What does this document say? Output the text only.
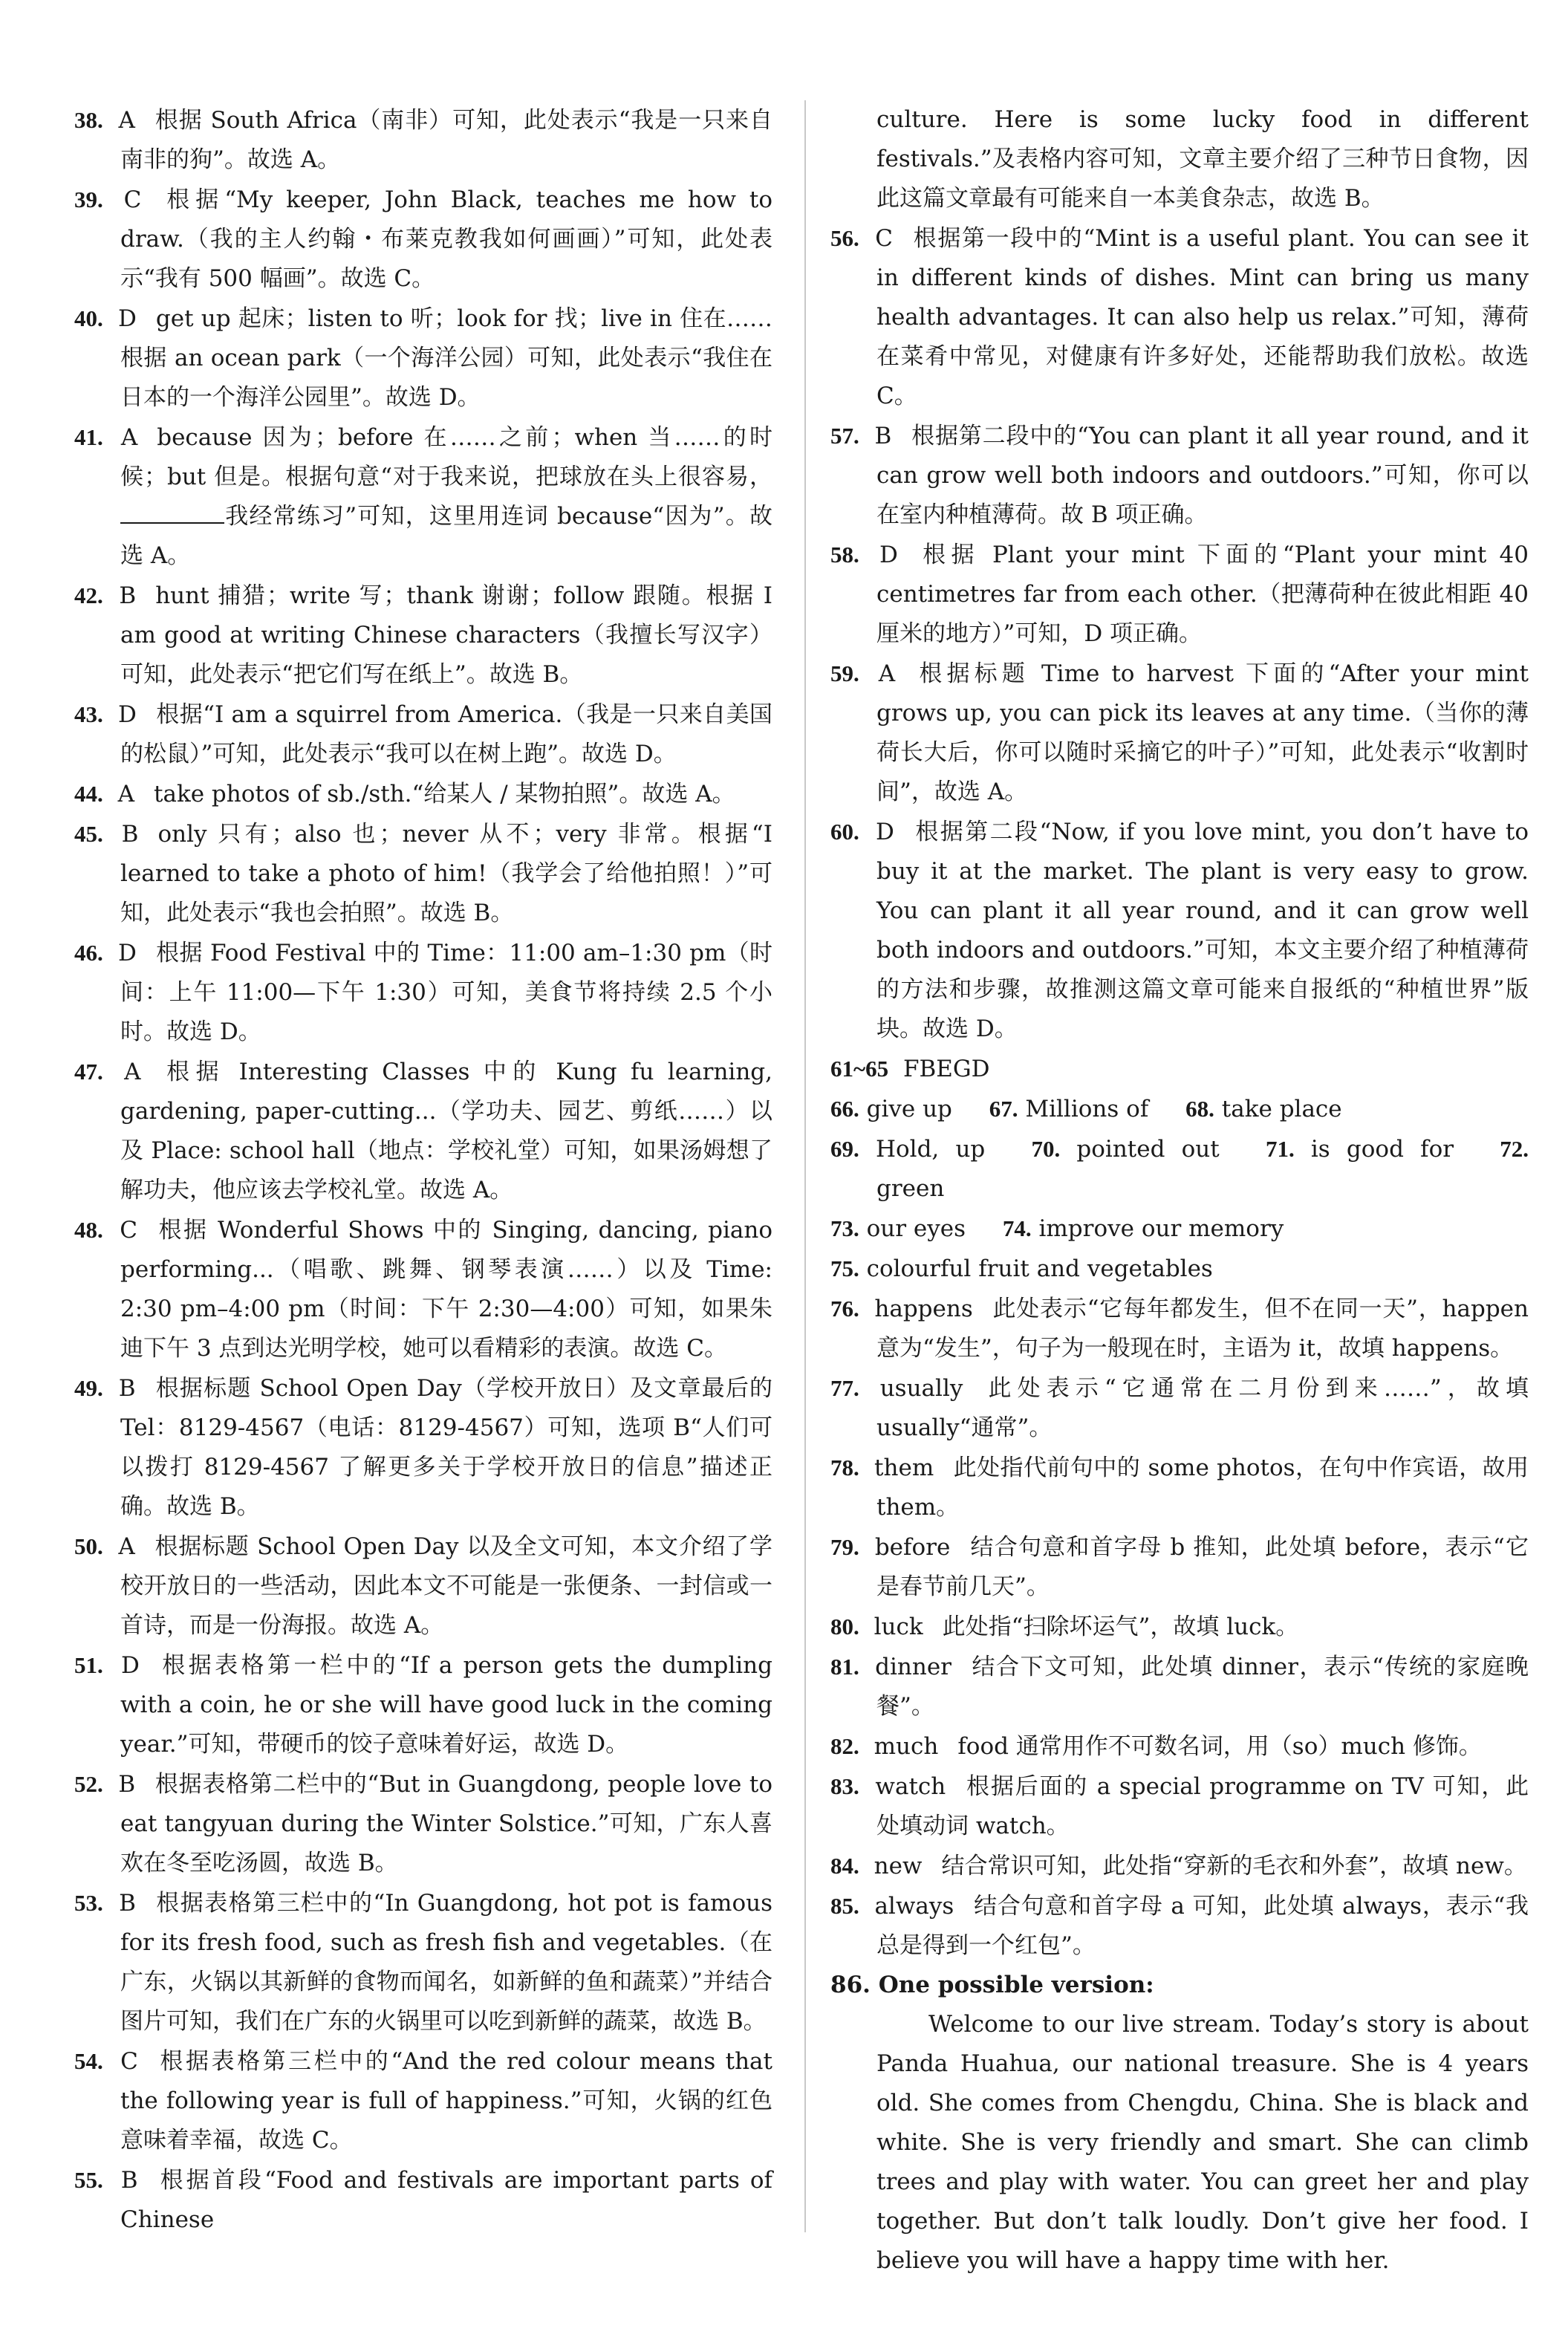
38. A 根据 South Africa（南非）可知，此处表示“我是一只来自南非的狗”。故选 A。

39. C 根据“My keeper, John Black, teaches me how to draw.（我的主人约翰・布莱克教我如何画画）”可知，此处表示“我有 500 幅画”。故选 C。

40. D get up 起床；listen to 听；look for 找；live in 住在…… 根据 an ocean park（一个海洋公园）可知，此处表示“我住在日本的一个海洋公园里”。故选 D。

41. A because 因为；before 在……之前；when 当……的时候；but 但是。根据句意“对于我来说，把球放在头上很容易，我经常练习”可知，这里用连词 because“因为”。故选 A。

42. B hunt 捕猎；write 写；thank 谢谢；follow 跟随。根据 I am good at writing Chinese characters（我擅长写汉字）可知，此处表示“把它们写在纸上”。故选 B。

43. D 根据“I am a squirrel from America.（我是一只来自美国的松鼠）”可知，此处表示“我可以在树上跑”。故选 D。

44. A take photos of sb./sth.“给某人 / 某物拍照”。故选 A。

45. B only 只有；also 也；never 从不；very 非常。根据“I learned to take a photo of him!（我学会了给他拍照！）”可知，此处表示“我也会拍照”。故选 B。

46. D 根据 Food Festival 中的 Time：11:00 am–1:30 pm（时间：上午 11:00—下午 1:30）可知，美食节将持续 2.5 个小时。故选 D。

47. A 根据 Interesting Classes 中的 Kung fu learning, gardening, paper-cutting...（学功夫、园艺、剪纸……）以及 Place: school hall（地点：学校礼堂）可知，如果汤姆想了解功夫，他应该去学校礼堂。故选 A。

48. C 根据 Wonderful Shows 中的 Singing, dancing, piano performing...（唱歌、跳舞、钢琴表演……）以及 Time: 2:30 pm–4:00 pm（时间：下午 2:30—4:00）可知，如果朱迪下午 3 点到达光明学校，她可以看精彩的表演。故选 C。

49. B 根据标题 School Open Day（学校开放日）及文章最后的 Tel：8129-4567（电话：8129-4567）可知，选项 B“人们可以拨打 8129-4567 了解更多关于学校开放日的信息”描述正确。故选 B。

50. A 根据标题 School Open Day 以及全文可知，本文介绍了学校开放日的一些活动，因此本文不可能是一张便条、一封信或一首诗，而是一份海报。故选 A。

51. D 根据表格第一栏中的“If a person gets the dumpling with a coin, he or she will have good luck in the coming year.”可知，带硬币的饺子意味着好运，故选 D。

52. B 根据表格第二栏中的“But in Guangdong, people love to eat tangyuan during the Winter Solstice.”可知，广东人喜欢在冬至吃汤圆，故选 B。

53. B 根据表格第三栏中的“In Guangdong, hot pot is famous for its fresh food, such as fresh fish and vegetables.（在广东，火锅以其新鲜的食物而闻名，如新鲜的鱼和蔬菜）”并结合图片可知，我们在广东的火锅里可以吃到新鲜的蔬菜，故选 B。

54. C 根据表格第三栏中的“And the red colour means that the following year is full of happiness.”可知，火锅的红色意味着幸福，故选 C。

55. B 根据首段“Food and festivals are important parts of Chinese

culture. Here is some lucky food in different festivals.”及表格内容可知，文章主要介绍了三种节日食物，因此这篇文章最有可能来自一本美食杂志，故选 B。

56. C 根据第一段中的“Mint is a useful plant. You can see it in different kinds of dishes. Mint can bring us many health advantages. It can also help us relax.”可知，薄荷在菜肴中常见，对健康有许多好处，还能帮助我们放松。故选 C。

57. B 根据第二段中的“You can plant it all year round, and it can grow well both indoors and outdoors.”可知，你可以在室内种植薄荷。故 B 项正确。

58. D 根据 Plant your mint 下面的“Plant your mint 40 centimetres far from each other.（把薄荷种在彼此相距 40 厘米的地方）”可知，D 项正确。

59. A 根据标题 Time to harvest 下面的“After your mint grows up, you can pick its leaves at any time.（当你的薄荷长大后，你可以随时采摘它的叶子）”可知，此处表示“收割时间”，故选 A。

60. D 根据第二段“Now, if you love mint, you don’t have to buy it at the market. The plant is very easy to grow. You can plant it all year round, and it can grow well both indoors and outdoors.”可知，本文主要介绍了种植薄荷的方法和步骤，故推测这篇文章可能来自报纸的“种植世界”版块。故选 D。

61~65 FBEGD

66. give up 67. Millions of 68. take place

69. Hold, up 70. pointed out 71. is good for 72. green

73. our eyes 74. improve our memory

75. colourful fruit and vegetables

76. happens 此处表示“它每年都发生，但不在同一天”，happen 意为“发生”，句子为一般现在时，主语为 it，故填 happens。

77. usually 此处表示“它通常在二月份到来……”，故填 usually“通常”。

78. them 此处指代前句中的 some photos，在句中作宾语，故用 them。

79. before 结合句意和首字母 b 推知，此处填 before，表示“它是春节前几天”。

80. luck 此处指“扫除坏运气”，故填 luck。

81. dinner 结合下文可知，此处填 dinner，表示“传统的家庭晚餐”。

82. much food 通常用作不可数名词，用（so）much 修饰。

83. watch 根据后面的 a special programme on TV 可知，此处填动词 watch。

84. new 结合常识可知，此处指“穿新的毛衣和外套”，故填 new。

85. always 结合句意和首字母 a 可知，此处填 always，表示“我总是得到一个红包”。

86. One possible version:

Welcome to our live stream. Today’s story is about Panda Huahua, our national treasure. She is 4 years old. She comes from Chengdu, China. She is black and white. She is very friendly and smart. She can climb trees and play with water. You can greet her and play together. But don’t talk loudly. Don’t give her food. I believe you will have a happy time with her.
